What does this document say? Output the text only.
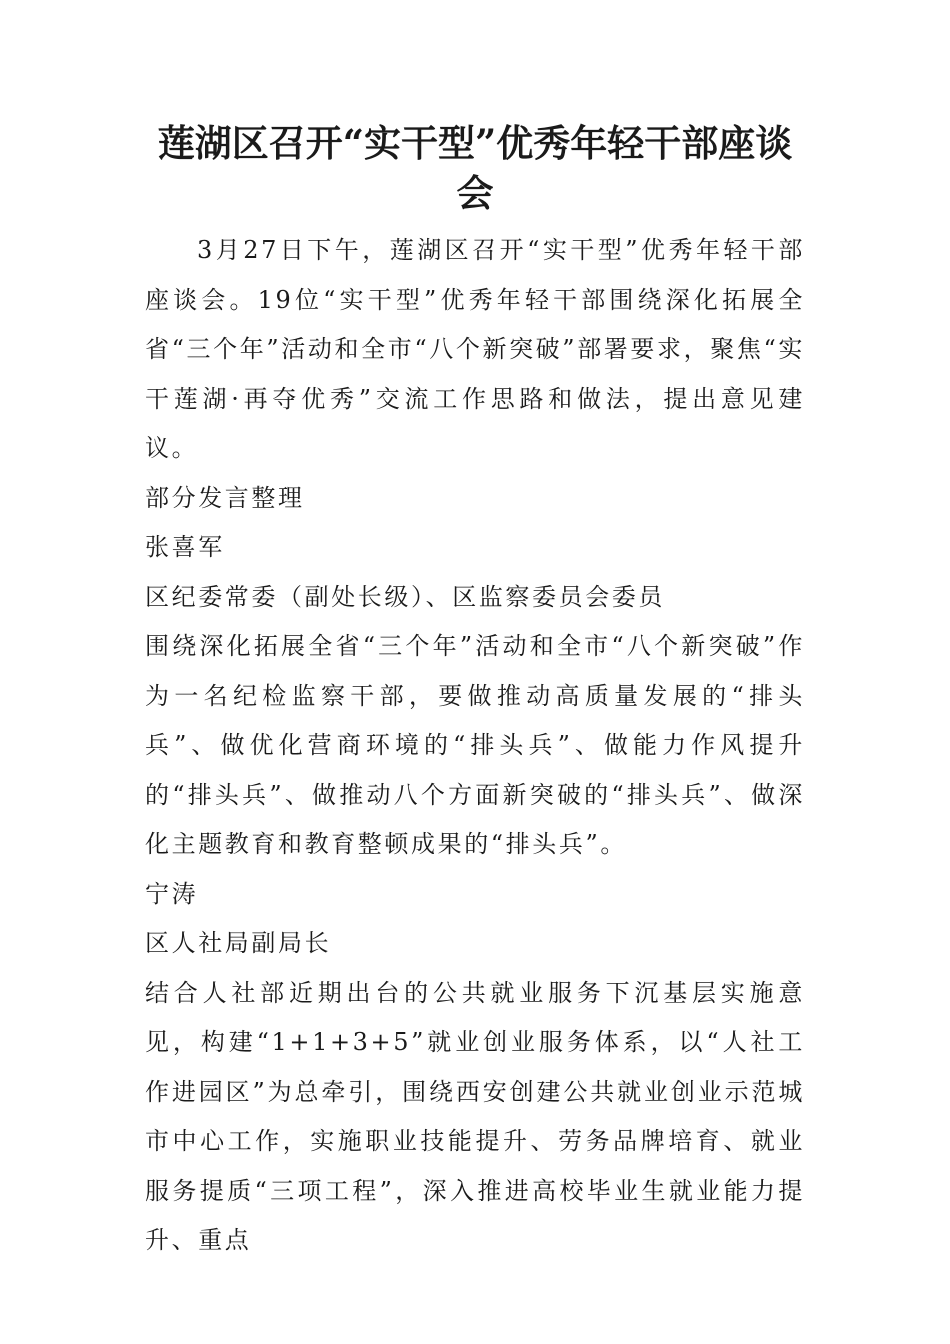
莲湖区召开“实干型”优秀年轻干部座谈会

3月27日下午，莲湖区召开“实干型”优秀年轻干部座谈会。19位“实干型”优秀年轻干部围绕深化拓展全省“三个年”活动和全市“八个新突破”部署要求，聚焦“实干莲湖·再夺优秀”交流工作思路和做法，提出意见建议。

部分发言整理

张喜军

区纪委常委（副处长级）、区监察委员会委员

围绕深化拓展全省“三个年”活动和全市“八个新突破”作为一名纪检监察干部，要做推动高质量发展的“排头兵”、做优化营商环境的“排头兵”、做能力作风提升的“排头兵”、做推动八个方面新突破的“排头兵”、做深化主题教育和教育整顿成果的“排头兵”。

宁涛

区人社局副局长

结合人社部近期出台的公共就业服务下沉基层实施意见，构建“1+1+3+5”就业创业服务体系，以“人社工作进园区”为总牵引，围绕西安创建公共就业创业示范城市中心工作，实施职业技能提升、劳务品牌培育、就业服务提质“三项工程”，深入推进高校毕业生就业能力提升、重点
